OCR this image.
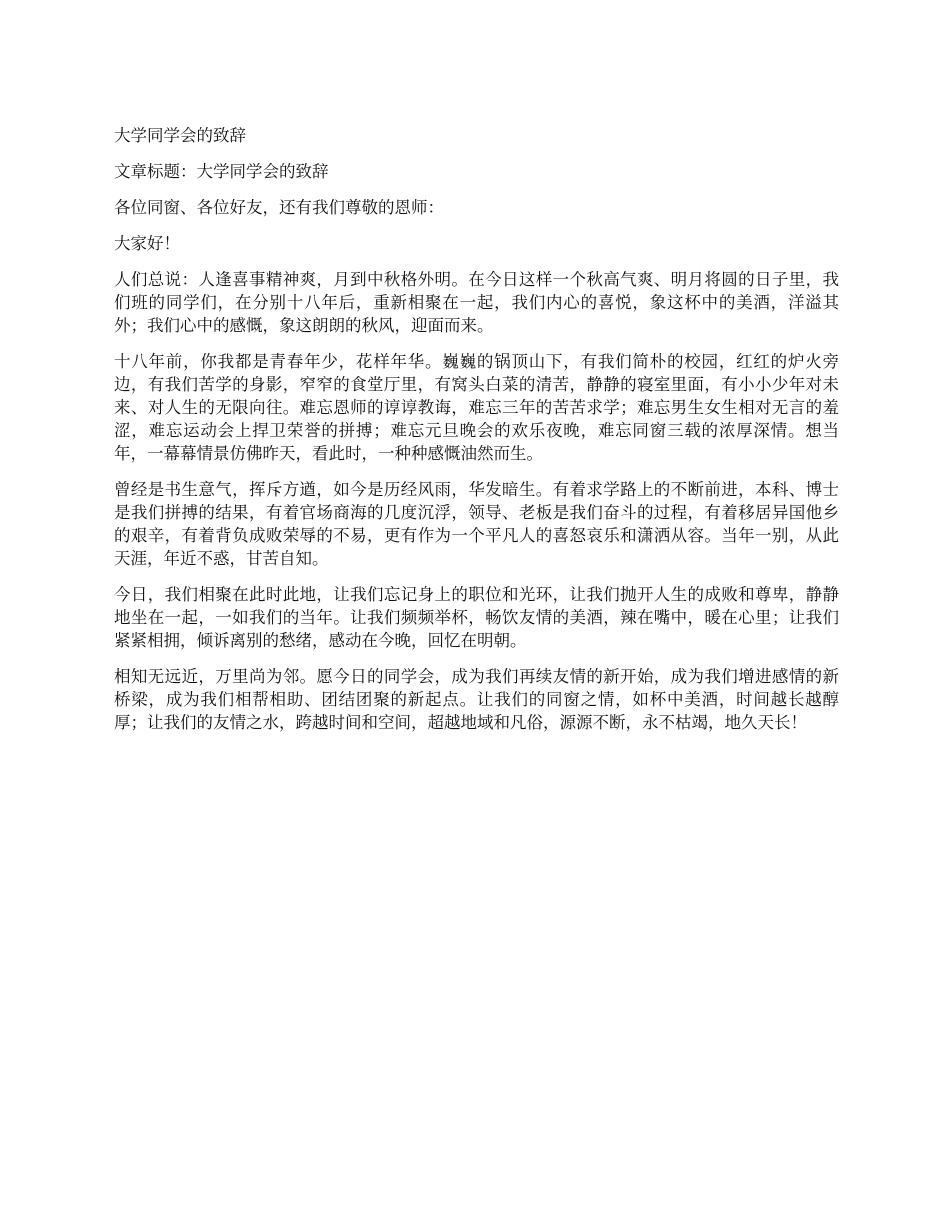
大学同学会的致辞

文章标题：大学同学会的致辞

各位同窗、各位好友，还有我们尊敬的恩师：

大家好！

人们总说：人逢喜事精神爽，月到中秋格外明。在今日这样一个秋高气爽、明月将圆的日子里，我们班的同学们，在分别十八年后，重新相聚在一起，我们内心的喜悦，象这杯中的美酒，洋溢其外；我们心中的感慨，象这朗朗的秋风，迎面而来。

十八年前，你我都是青春年少，花样年华。巍巍的锅顶山下，有我们简朴的校园，红红的炉火旁边，有我们苦学的身影，窄窄的食堂厅里，有窝头白菜的清苦，静静的寝室里面，有小小少年对未来、对人生的无限向往。难忘恩师的谆谆教诲，难忘三年的苦苦求学；难忘男生女生相对无言的羞涩，难忘运动会上捍卫荣誉的拼搏；难忘元旦晚会的欢乐夜晚，难忘同窗三载的浓厚深情。想当年，一幕幕情景仿佛昨天，看此时，一种种感慨油然而生。

曾经是书生意气，挥斥方遒，如今是历经风雨，华发暗生。有着求学路上的不断前进，本科、博士是我们拼搏的结果，有着官场商海的几度沉浮，领导、老板是我们奋斗的过程，有着移居异国他乡的艰辛，有着背负成败荣辱的不易，更有作为一个平凡人的喜怒哀乐和潇洒从容。当年一别，从此天涯，年近不惑，甘苦自知。

今日，我们相聚在此时此地，让我们忘记身上的职位和光环，让我们抛开人生的成败和尊卑，静静地坐在一起，一如我们的当年。让我们频频举杯，畅饮友情的美酒，辣在嘴中，暖在心里；让我们紧紧相拥，倾诉离别的愁绪，感动在今晚，回忆在明朝。

相知无远近，万里尚为邻。愿今日的同学会，成为我们再续友情的新开始，成为我们增进感情的新桥梁，成为我们相帮相助、团结团聚的新起点。让我们的同窗之情，如杯中美酒，时间越长越醇厚；让我们的友情之水，跨越时间和空间，超越地域和凡俗，源源不断，永不枯竭，地久天长！
